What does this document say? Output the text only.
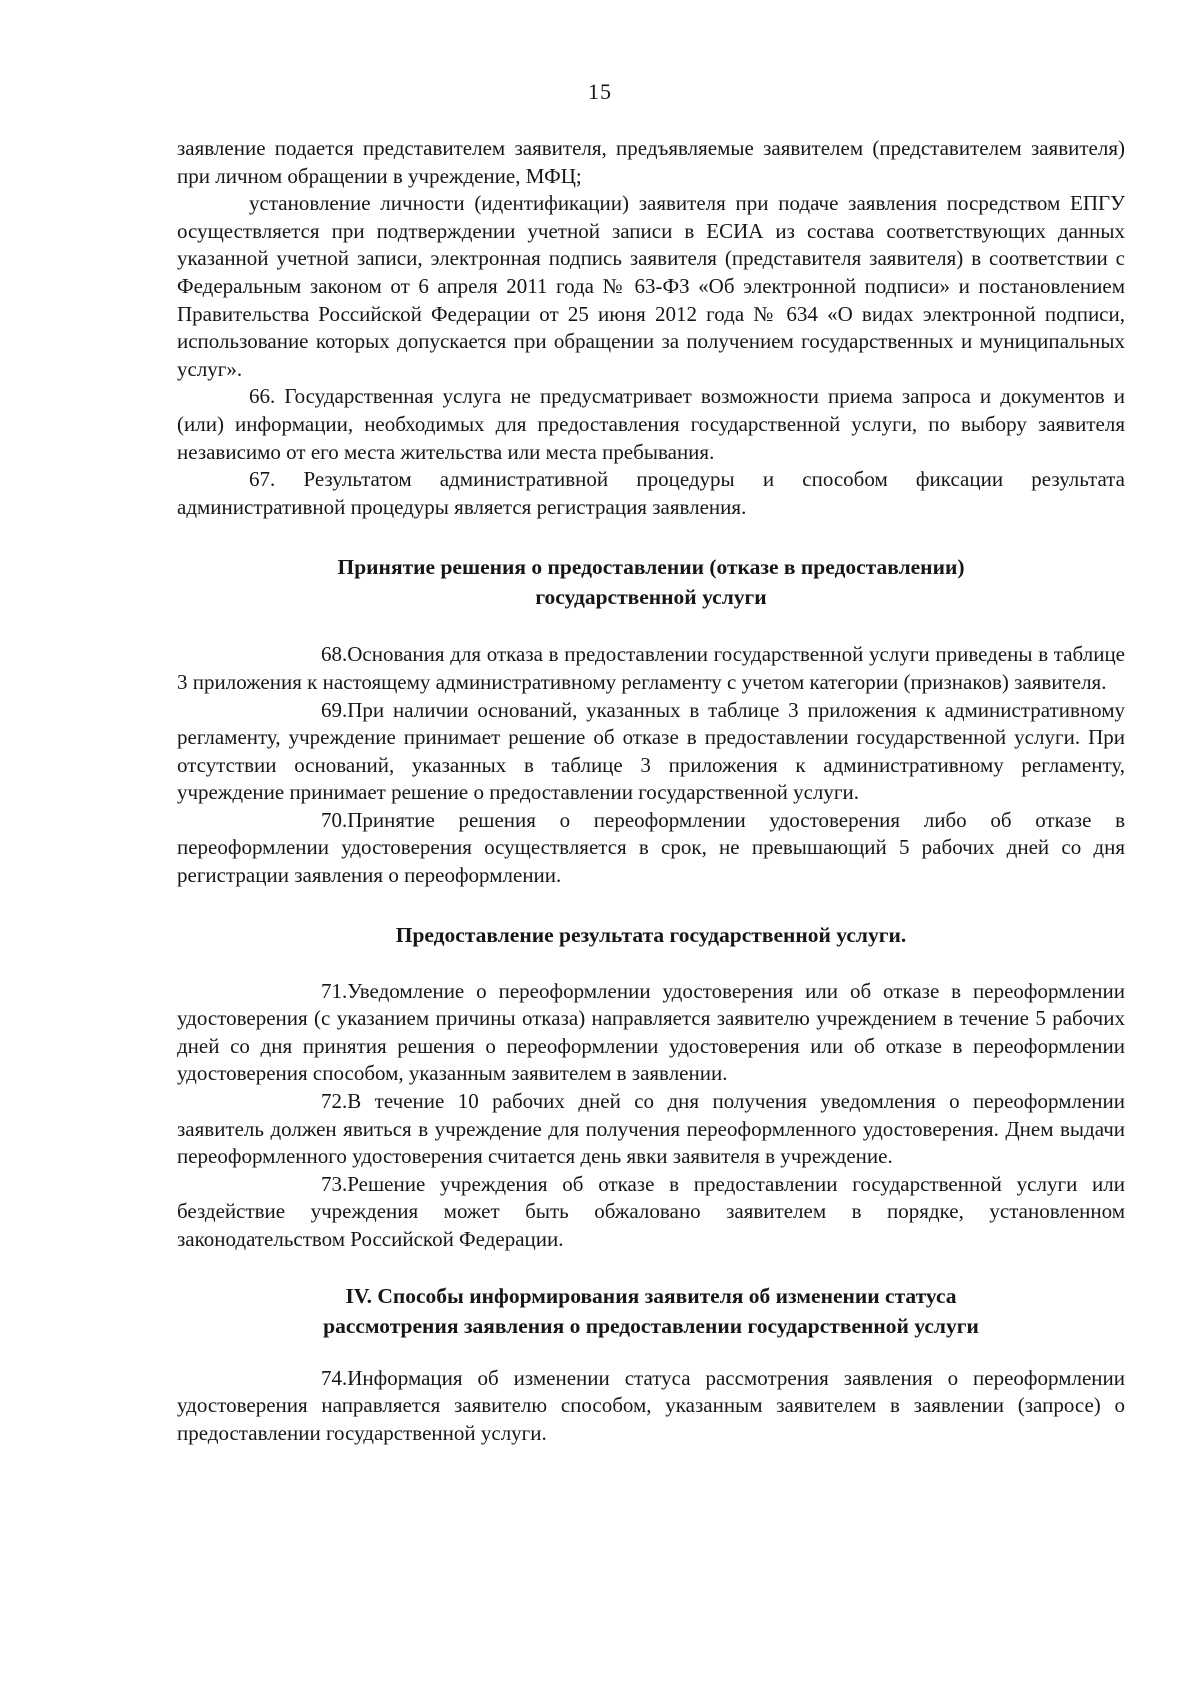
15

заявление подается представителем заявителя, предъявляемые заявителем (представителем заявителя) при личном обращении в учреждение, МФЦ;

установление личности (идентификации) заявителя при подаче заявления посредством ЕПГУ осуществляется при подтверждении учетной записи в ЕСИА из состава соответствующих данных указанной учетной записи, электронная подпись заявителя (представителя заявителя) в соответствии с Федеральным законом от 6 апреля 2011 года № 63-ФЗ «Об электронной подписи» и постановлением Правительства Российской Федерации от 25 июня 2012 года № 634 «О видах электронной подписи, использование которых допускается при обращении за получением государственных и муниципальных услуг».

66. Государственная услуга не предусматривает возможности приема запроса и документов и (или) информации, необходимых для предоставления государственной услуги, по выбору заявителя независимо от его места жительства или места пребывания.

67. Результатом административной процедуры и способом фиксации результата административной процедуры является регистрация заявления.

Принятие решения о предоставлении (отказе в предоставлении)
государственной услуги

68.Основания для отказа в предоставлении государственной услуги приведены в таблице 3 приложения к настоящему административному регламенту с учетом категории (признаков) заявителя.

69.При наличии оснований, указанных в таблице 3 приложения к административному регламенту, учреждение принимает решение об отказе в предоставлении государственной услуги. При отсутствии оснований, указанных в таблице 3 приложения к административному регламенту, учреждение принимает решение о предоставлении государственной услуги.

70.Принятие решения о переоформлении удостоверения либо об отказе в переоформлении удостоверения осуществляется в срок, не превышающий 5 рабочих дней со дня регистрации заявления о переоформлении.

Предоставление результата государственной услуги.

71.Уведомление о переоформлении удостоверения или об отказе в переоформлении удостоверения (с указанием причины отказа) направляется заявителю учреждением в течение 5 рабочих дней со дня принятия решения о переоформлении удостоверения или об отказе в переоформлении удостоверения способом, указанным заявителем в заявлении.

72.В течение 10 рабочих дней со дня получения уведомления о переоформлении заявитель должен явиться в учреждение для получения переоформленного удостоверения. Днем выдачи переоформленного удостоверения считается день явки заявителя в учреждение.

73.Решение учреждения об отказе в предоставлении государственной услуги или бездействие учреждения может быть обжаловано заявителем в порядке, установленном законодательством Российской Федерации.

IV. Способы информирования заявителя об изменении статуса
рассмотрения заявления о предоставлении государственной услуги

74.Информация об изменении статуса рассмотрения заявления о переоформлении удостоверения направляется заявителю способом, указанным заявителем в заявлении (запросе) о предоставлении государственной услуги.
